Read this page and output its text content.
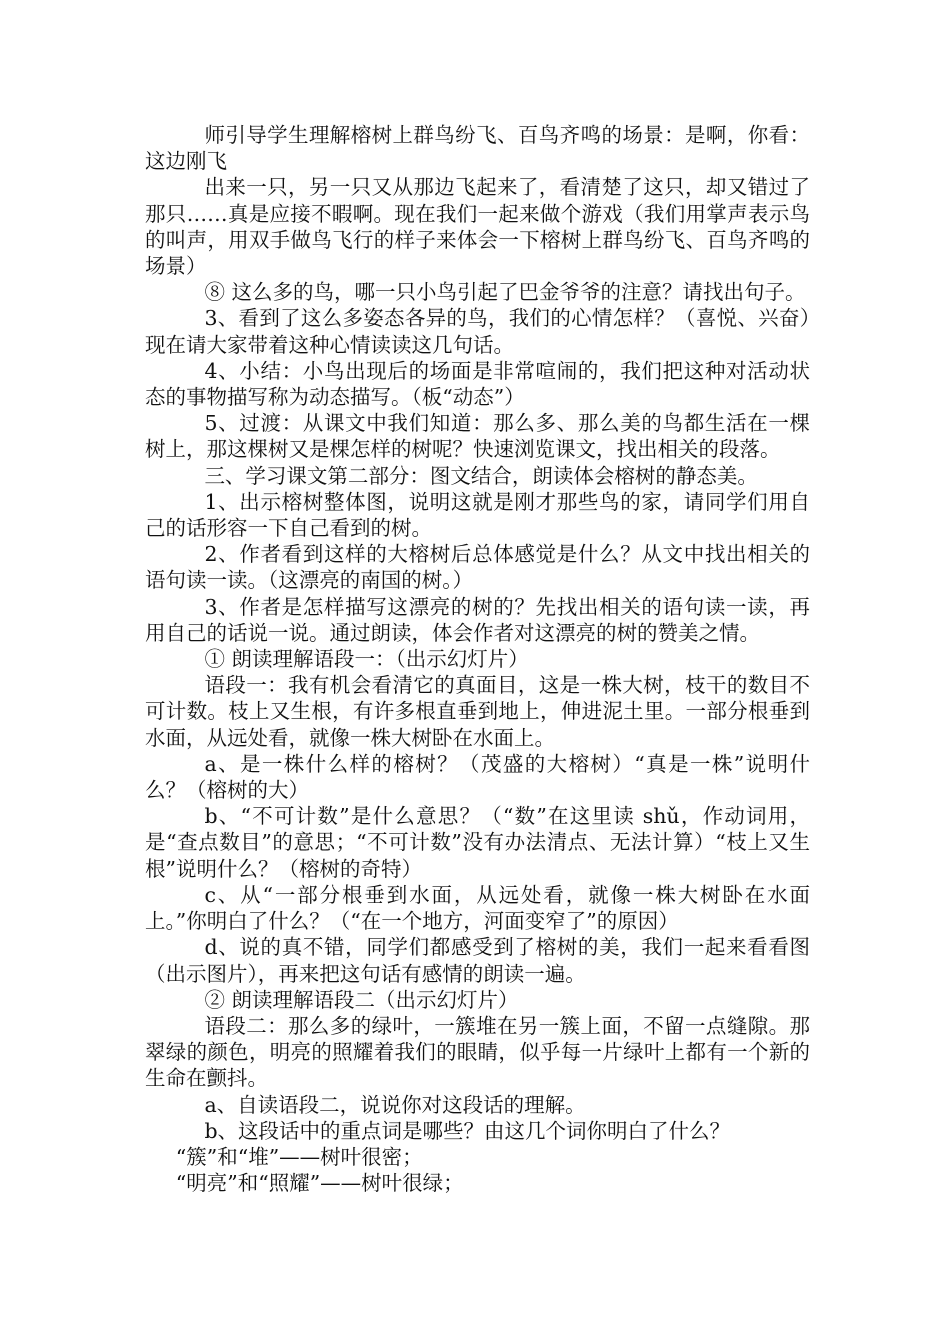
师引导学生理解榕树上群鸟纷飞、百鸟齐鸣的场景：是啊，你看：这边刚飞

出来一只，另一只又从那边飞起来了，看清楚了这只，却又错过了那只……真是应接不暇啊。现在我们一起来做个游戏（我们用掌声表示鸟的叫声，用双手做鸟飞行的样子来体会一下榕树上群鸟纷飞、百鸟齐鸣的场景）

⑧ 这么多的鸟，哪一只小鸟引起了巴金爷爷的注意？请找出句子。

3、看到了这么多姿态各异的鸟，我们的心情怎样？（喜悦、兴奋）现在请大家带着这种心情读读这几句话。

4、小结：小鸟出现后的场面是非常喧闹的，我们把这种对活动状态的事物描写称为动态描写。（板“动态”）

5、过渡：从课文中我们知道：那么多、那么美的鸟都生活在一棵树上，那这棵树又是棵怎样的树呢？快速浏览课文，找出相关的段落。

三、学习课文第二部分：图文结合，朗读体会榕树的静态美。

1、出示榕树整体图，说明这就是刚才那些鸟的家，请同学们用自己的话形容一下自己看到的树。

2、作者看到这样的大榕树后总体感觉是什么？从文中找出相关的语句读一读。（这漂亮的南国的树。）

3、作者是怎样描写这漂亮的树的？先找出相关的语句读一读，再用自己的话说一说。通过朗读，体会作者对这漂亮的树的赞美之情。

① 朗读理解语段一：（出示幻灯片）

语段一：我有机会看清它的真面目，这是一株大树，枝干的数目不可计数。枝上又生根，有许多根直垂到地上，伸进泥土里。一部分根垂到水面，从远处看，就像一株大树卧在水面上。

a、是一株什么样的榕树？（茂盛的大榕树）“真是一株”说明什么？（榕树的大）

b、“不可计数”是什么意思？（“数”在这里读 shǔ，作动词用，是“查点数目”的意思；“不可计数”没有办法清点、无法计算）“枝上又生根”说明什么？（榕树的奇特）

c、从“一部分根垂到水面，从远处看，就像一株大树卧在水面上。”你明白了什么？（“在一个地方，河面变窄了”的原因）

d、说的真不错，同学们都感受到了榕树的美，我们一起来看看图（出示图片），再来把这句话有感情的朗读一遍。

② 朗读理解语段二（出示幻灯片）

语段二：那么多的绿叶，一簇堆在另一簇上面，不留一点缝隙。那翠绿的颜色，明亮的照耀着我们的眼睛，似乎每一片绿叶上都有一个新的生命在颤抖。

a、自读语段二，说说你对这段话的理解。

b、这段话中的重点词是哪些？由这几个词你明白了什么？

“簇”和“堆”——树叶很密；

“明亮”和“照耀”——树叶很绿；
